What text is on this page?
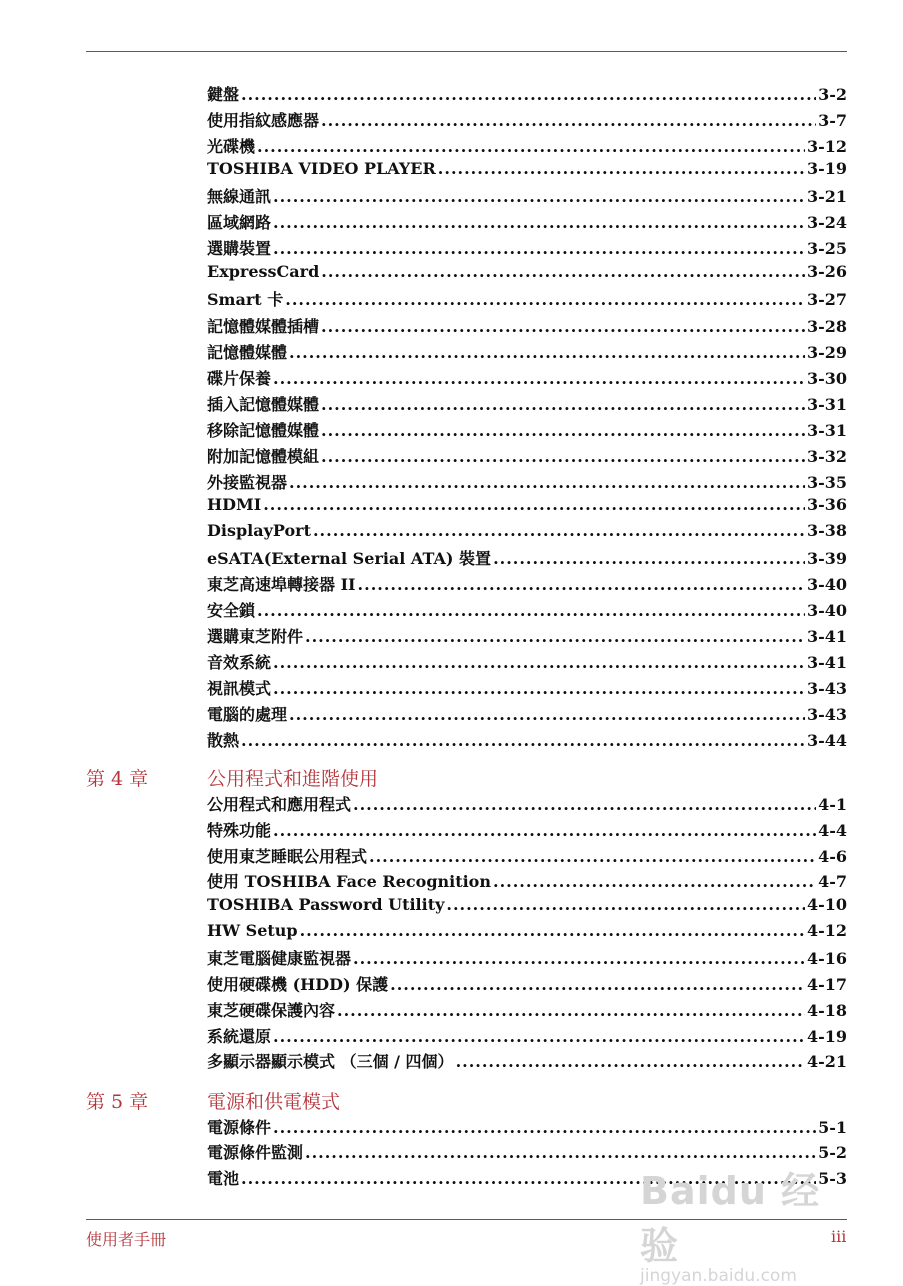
鍵盤 .....	3-2
使用指紋感應器 .....	3-7
光碟機 .....	3-12
TOSHIBA VIDEO PLAYER .....	3-19
無線通訊 .....	3-21
區域網路 .....	3-24
選購裝置 .....	3-25
ExpressCard .....	3-26
Smart 卡 .....	3-27
記憶體媒體插槽 .....	3-28
記憶體媒體 .....	3-29
碟片保養 .....	3-30
插入記憶體媒體 .....	3-31
移除記憶體媒體 .....	3-31
附加記憶體模組 .....	3-32
外接監視器 .....	3-35
HDMI .....	3-36
DisplayPort .....	3-38
eSATA(External Serial ATA) 裝置 .....	3-39
東芝高速埠轉接器 II .....	3-40
安全鎖 .....	3-40
選購東芝附件 .....	3-41
音效系統 .....	3-41
視訊模式 .....	3-43
電腦的處理 .....	3-43
散熱 .....	3-44
第 4 章	公用程式和進階使用
公用程式和應用程式 .....	4-1
特殊功能 .....	4-4
使用東芝睡眠公用程式 .....	4-6
使用 TOSHIBA Face Recognition .....	4-7
TOSHIBA Password Utility .....	4-10
HW Setup .....	4-12
東芝電腦健康監視器 .....	4-16
使用硬碟機 (HDD) 保護 .....	4-17
東芝硬碟保護內容 .....	4-18
系統還原 .....	4-19
多顯示器顯示模式 （三個 / 四個） .....	4-21
第 5 章	電源和供電模式
電源條件 .....	5-1
電源條件監測 .....	5-2
電池 .....	5-3
Baidu 经验
jingyan.baidu.com
使用者手冊	iii
